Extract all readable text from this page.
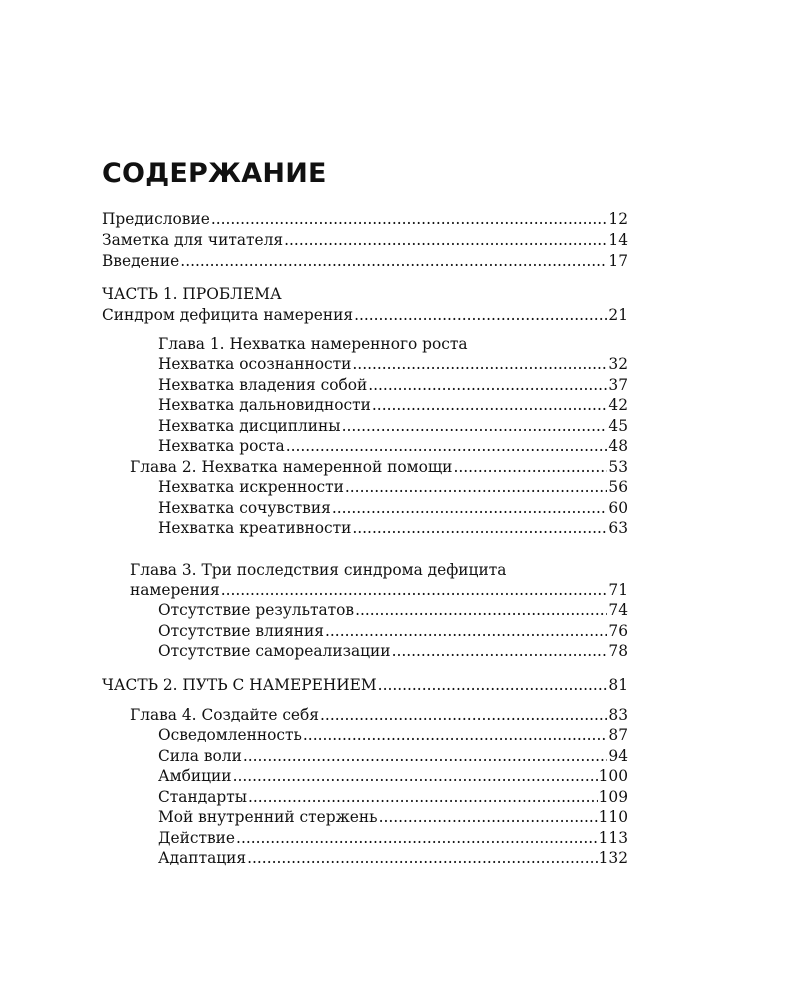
СОДЕРЖАНИЕ
Предисловие .....	12
Заметка для читателя .....	14
Введение .....	17
ЧАСТЬ 1. ПРОБЛЕМА
Синдром дефицита намерения .....	21
Глава 1. Нехватка намеренного роста
Нехватка осознанности .....	32
Нехватка владения собой .....	37
Нехватка дальновидности .....	42
Нехватка дисциплины .....	45
Нехватка роста .....	48
Глава 2. Нехватка намеренной помощи .....	53
Нехватка искренности .....	56
Нехватка сочувствия .....	60
Нехватка креативности .....	63
Глава 3. Три последствия синдрома дефицита
намерения .....	71
Отсутствие результатов .....	74
Отсутствие влияния .....	76
Отсутствие самореализации .....	78
ЧАСТЬ 2. ПУТЬ С НАМЕРЕНИЕМ .....	81
Глава 4. Создайте себя .....	83
Осведомленность .....	87
Сила воли .....	94
Амбиции .....	100
Стандарты .....	109
Мой внутренний стержень .....	110
Действие .....	113
Адаптация .....	132
